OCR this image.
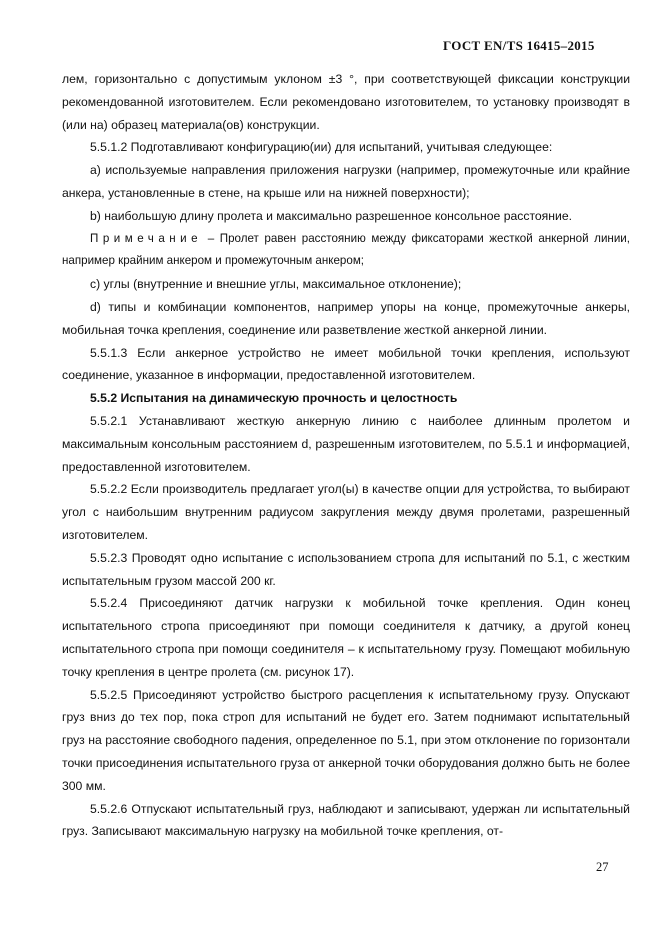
ГОСТ EN/TS 16415–2015

лем, горизонтально с допустимым уклоном ±3 °, при соответствующей фиксации конструкции рекомендованной изготовителем. Если рекомендовано изготовителем, то установку производят в (или на) образец материала(ов) конструкции.

5.5.1.2 Подготавливают конфигурацию(ии) для испытаний, учитывая следующее:

a) используемые направления приложения нагрузки (например, промежуточные или крайние анкера, установленные в стене, на крыше или на нижней поверхности);

b) наибольшую длину пролета и максимально разрешенное консольное расстояние.

Примечание – Пролет равен расстоянию между фиксаторами жесткой анкерной линии, например крайним анкером и промежуточным анкером;

c) углы (внутренние и внешние углы, максимальное отклонение);

d) типы и комбинации компонентов, например упоры на конце, промежуточные анкеры, мобильная точка крепления, соединение или разветвление жесткой анкерной линии.

5.5.1.3 Если анкерное устройство не имеет мобильной точки крепления, используют соединение, указанное в информации, предоставленной изготовителем.

5.5.2 Испытания на динамическую прочность и целостность

5.5.2.1 Устанавливают жесткую анкерную линию с наиболее длинным пролетом и максимальным консольным расстоянием d, разрешенным изготовителем, по 5.5.1 и информацией, предоставленной изготовителем.

5.5.2.2 Если производитель предлагает угол(ы) в качестве опции для устройства, то выбирают угол с наибольшим внутренним радиусом закругления между двумя пролетами, разрешенный изготовителем.

5.5.2.3 Проводят одно испытание с использованием стропа для испытаний по 5.1, с жестким испытательным грузом массой 200 кг.

5.5.2.4 Присоединяют датчик нагрузки к мобильной точке крепления. Один конец испытательного стропа присоединяют при помощи соединителя к датчику, а другой конец испытательного стропа при помощи соединителя – к испытательному грузу. Помещают мобильную точку крепления в центре пролета (см. рисунок 17).

5.5.2.5 Присоединяют устройство быстрого расцепления к испытательному грузу. Опускают груз вниз до тех пор, пока строп для испытаний не будет его. Затем поднимают испытательный груз на расстояние свободного падения, определенное по 5.1, при этом отклонение по горизонтали точки присоединения испытательного груза от анкерной точки оборудования должно быть не более 300 мм.

5.5.2.6 Отпускают испытательный груз, наблюдают и записывают, удержан ли испытательный груз. Записывают максимальную нагрузку на мобильной точке крепления, от-

27
